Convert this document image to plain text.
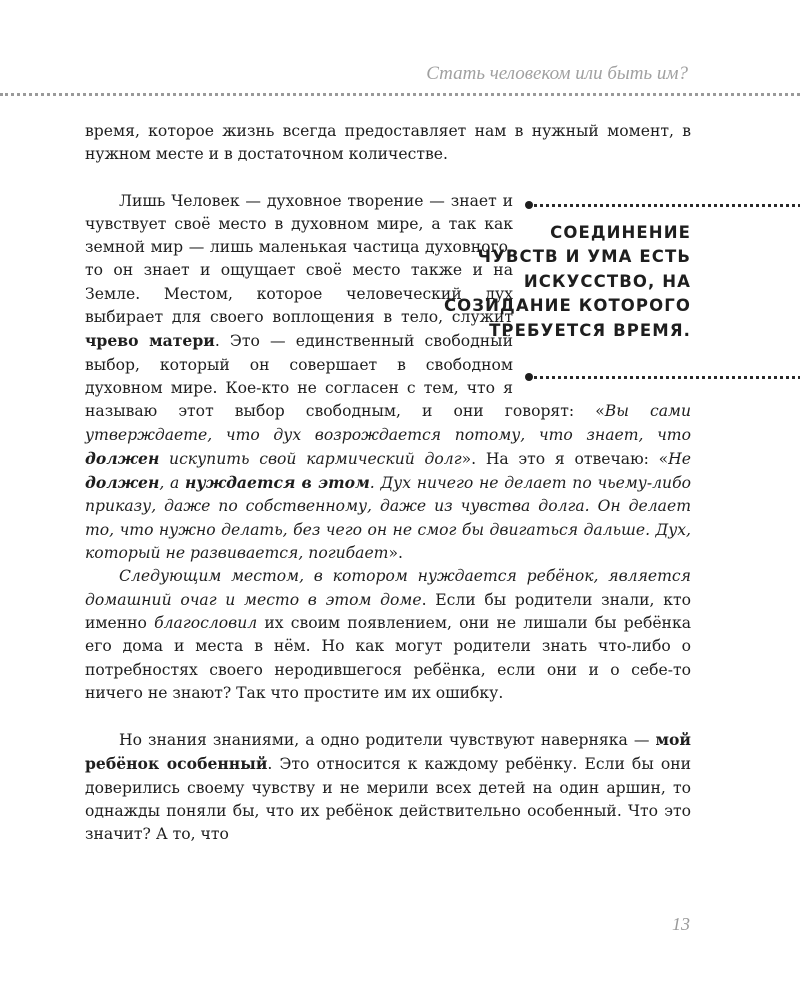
Стать человеком или быть им?

время, которое жизнь всегда предоставляет нам в нужный момент, в нужном месте и в достаточном количестве.

СОЕДИНЕНИЕ ЧУВСТВ И УМА ЕСТЬ ИСКУССТВО, НА СОЗИДАНИЕ КОТОРОГО ТРЕБУЕТСЯ ВРЕМЯ.
Лишь Человек — духовное творение — знает и чувствует своё место в духовном мире, а так как земной мир — лишь маленькая частица духовного, то он знает и ощущает своё место также и на Земле. Местом, которое человеческий дух выбирает для своего воплощения в тело, служит чрево матери. Это — единственный свободный выбор, который он совершает в свободном духовном мире. Кое-кто не согласен с тем, что я называю этот выбор свободным, и они говорят: «Вы сами утверждаете, что дух возрождается потому, что знает, что должен искупить свой кармический долг». На это я отвечаю: «Не должен, а нуждается в этом. Дух ничего не делает по чьему-либо приказу, даже по собственному, даже из чувства долга. Он делает то, что нужно делать, без чего он не смог бы двигаться дальше. Дух, который не развивается, погибает».

Следующим местом, в котором нуждается ребёнок, является домашний очаг и место в этом доме. Если бы родители знали, кто именно благословил их своим появлением, они не лишали бы ребёнка его дома и места в нём. Но как могут родители знать что-либо о потребностях своего неродившегося ребёнка, если они и о себе-то ничего не знают? Так что простите им их ошибку.

Но знания знаниями, а одно родители чувствуют наверняка — мой ребёнок особенный. Это относится к каждому ребёнку. Если бы они доверились своему чувству и не мерили всех детей на один аршин, то однажды поняли бы, что их ребёнок действительно особенный. Что это значит? А то, что

13
